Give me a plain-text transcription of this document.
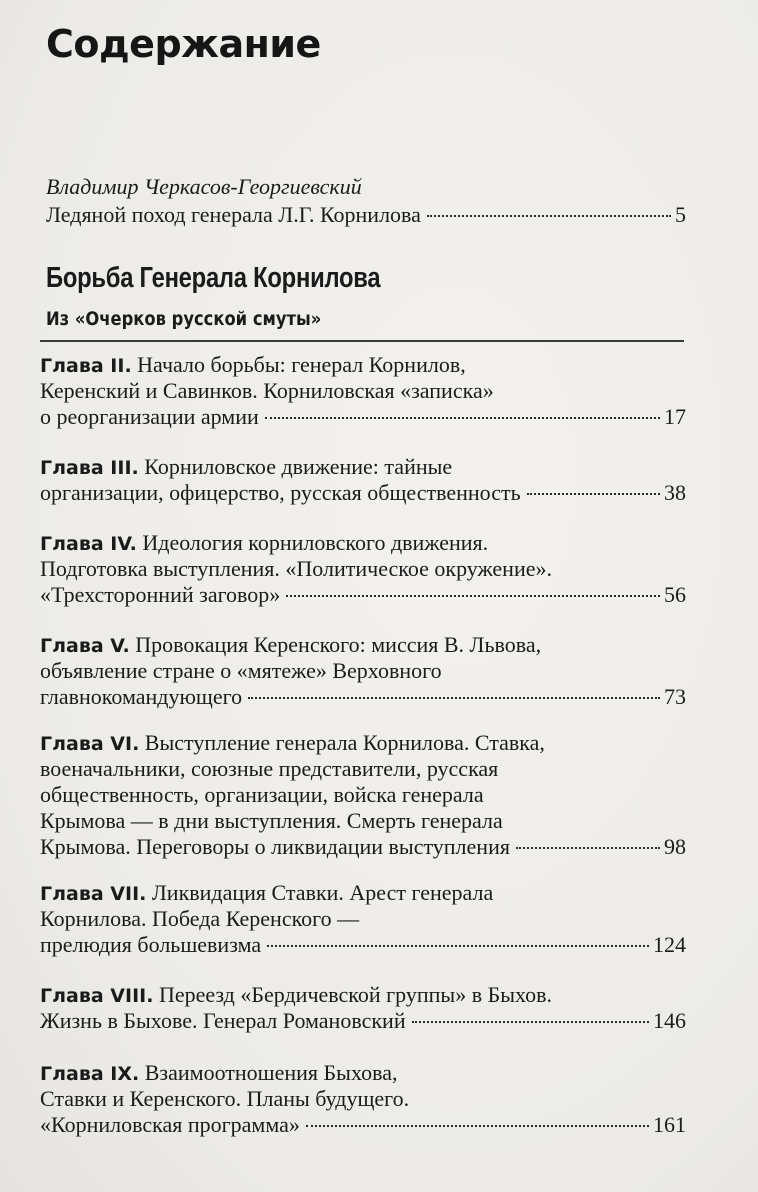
Содержание
Владимир Черкасов-Георгиевский
Ледяной поход генерала Л.Г. Корнилова	5
Борьба Генерала Корнилова
Из «Очерков русской смуты»
Глава II. Начало борьбы: генерал Корнилов,
Керенский и Савинков. Корниловская «записка»
о реорганизации армии	17
Глава III. Корниловское движение: тайные
организации, офицерство, русская общественность	38
Глава IV. Идеология корниловского движения.
Подготовка выступления. «Политическое окружение».
«Трехсторонний заговор»	56
Глава V. Провокация Керенского: миссия В. Львова,
объявление стране о «мятеже» Верховного
главнокомандующего	73
Глава VI. Выступление генерала Корнилова. Ставка,
военачальники, союзные представители, русская
общественность, организации, войска генерала
Крымова — в дни выступления. Смерть генерала
Крымова. Переговоры о ликвидации выступления	98
Глава VII. Ликвидация Ставки. Арест генерала
Корнилова. Победа Керенского —
прелюдия большевизма	124
Глава VIII. Переезд «Бердичевской группы» в Быхов.
Жизнь в Быхове. Генерал Романовский	146
Глава IX. Взаимоотношения Быхова,
Ставки и Керенского. Планы будущего.
«Корниловская программа»	161
